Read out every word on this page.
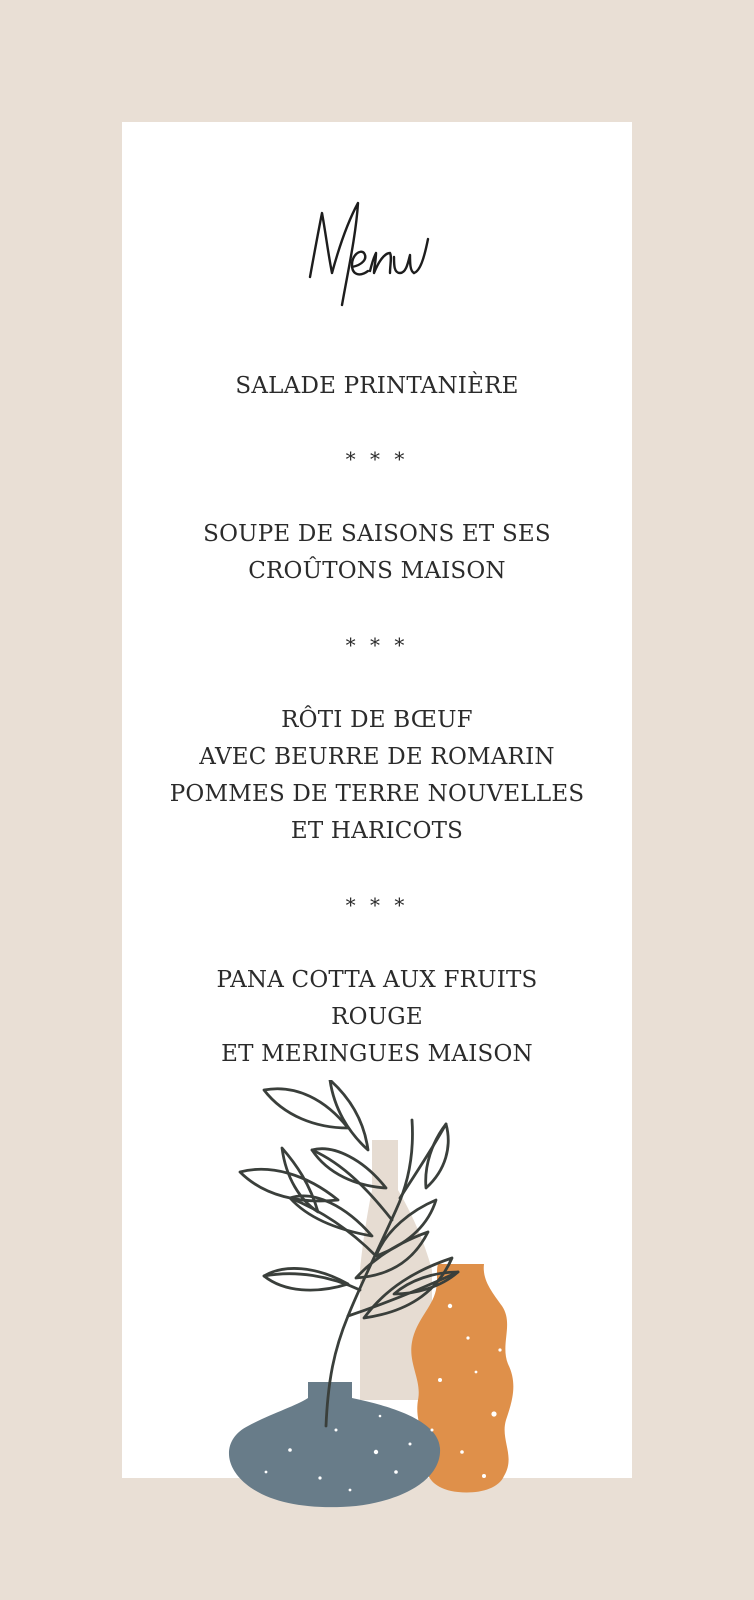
SALADE PRINTANIÈRE
* * *
SOUPE DE SAISONS ET SES
CROÛTONS MAISON
* * *
RÔTI DE BŒUF
AVEC BEURRE DE ROMARIN
POMMES DE TERRE NOUVELLES
ET HARICOTS
* * *
PANA COTTA AUX FRUITS
ROUGE
ET MERINGUES MAISON
